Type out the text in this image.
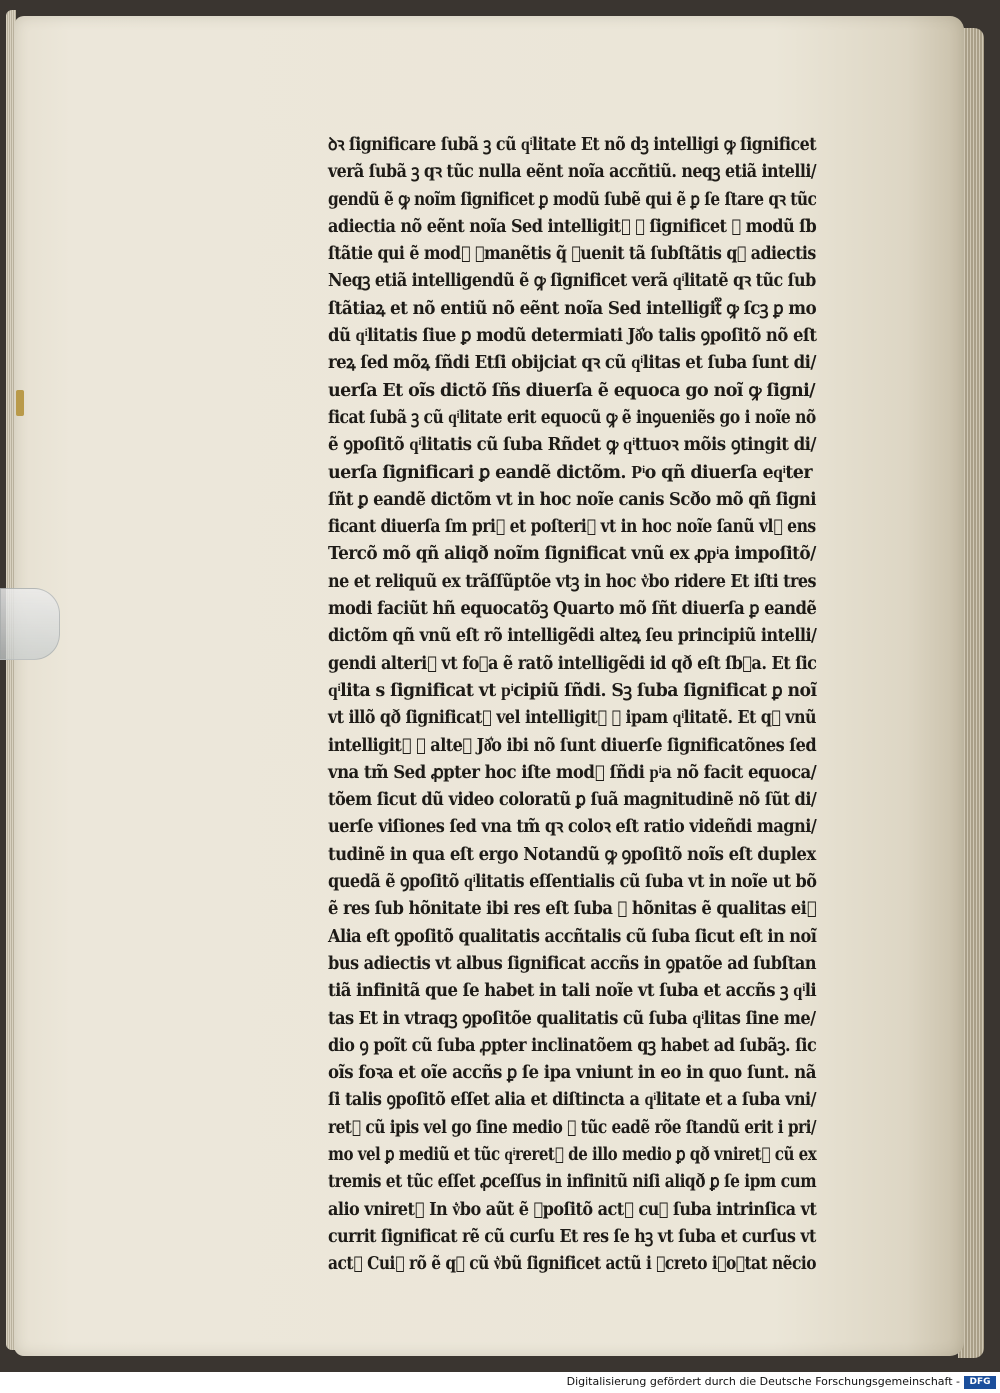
ꝺꝛ ſignificare ſubã ꝫ cũ qͥlitate Et nõ dꝫ intelligi ꝙ ſignificet
verã ſubã ꝫ qꝛ tũc nulla eẽnt noĩa accñtiũ. neqꝫ etiã intelli/
gendũ ẽ ꝙ noĩm ſignificet ꝑ modũ ſubẽ qui ẽ ꝑ ſe ſtare qꝛ tũc
adiectia nõ eẽnt noĩa Sed intelligit᷑ ꝙ ſignificet ꝑ modũ ſb
ſtãtie qui ẽ mod᷒ ꝑmanẽtis q̃ ꝯuenit tã ſubſtãtis qꝫ adiectis
Neqꝫ etiã intelligendũ ẽ ꝙ ſignificet verã qͥlitatẽ qꝛ tũc ſub
ſtãtiaꝝ et nõ entiũ nõ eẽnt noĩa Sed intelligit᷑ ꝙ ſcꝫ ꝑ mo
dũ qͥlitatis ſiue ꝑ modũ determiati Jð͛o talis ꝯpoſitõ nõ eſt
reꝝ ſed mõꝝ ſñdi Etſi obijciat qꝛ cũ qͥlitas et ſuba ſunt di/
uerſa Et oĩs dictõ ſñs diuerſa ẽ equoca go noĩ ꝙ ſigni/
ficat ſubã ꝫ cũ qͥlitate erit equocũ ꝙ ẽ inꝯueniẽs go i noĩe nõ
ẽ ꝯpoſitõ qͥlitatis cũ ſuba Rñdet ꝙ qͥttuoꝛ mõis ꝯtingit di/
uerſa ſignificari ꝑ eandẽ dictõm. Pͥo qñ diuerſa eqͥter
ſñt ꝑ eandẽ dictõm vt in hoc noĩe canis Scðo mõ qñ ſigni
ficant diuerſa ſm pri᷒ et poſteri᷒ vt in hoc noĩe ſanũ vl᷑ ens
Tercõ mõ qñ aliqð noĩm ſignificat vnũ ex ꝓpͥa impoſitõ/
ne et reliquũ ex trãſſũptõe vtꝫ in hoc v͛bo ridere Et iſti tres
modi faciũt hñ equocatõꝫ Quarto mõ ſñt diuerſa ꝑ eandẽ
dictõm qñ vnũ eſt rõ intelligẽdi alteꝝ ſeu principiũ intelli/
gendi alteri᷒ vt foꝛa ẽ ratõ intelligẽdi id qð eſt ſbꝛa. Et ſic
qͥlita s ſignificat vt pͥcipiũ ſñdi. Sꝫ ſuba ſignificat ꝑ noĩ
vt illõ qð ſignificat᷑ vel intelligit᷑ ꝑ ipam qͥlitatẽ. Et qꝛ vnũ
intelligit᷑ ꝑ alteꝝ Jð͛o ibi nõ ſunt diuerſe ſignificatõnes ſed
vna tm̃ Sed ꝓpter hoc iſte mod᷒ ſñdi pͥa nõ facit equoca/
tõem ſicut dũ video coloratũ ꝑ ſuã magnitudinẽ nõ ſũt di/
uerſe viſiones ſed vna tm̃ qꝛ coloꝛ eſt ratio videñdi magni/
tudinẽ in qua eſt ergo Notandũ ꝙ ꝯpoſitõ noĩs eſt duplex
quedã ẽ ꝯpoſitõ qͥlitatis eſſentialis cũ ſuba vt in noĩe ut bõ
ẽ res ſub hõnitate ibi res eſt ſuba ⁊ hõnitas ẽ qualitas ei᷒
Alia eſt ꝯpoſitõ qualitatis accñtalis cũ ſuba ſicut eſt in noĩ
bus adiectis vt albus ſignificat accñs in ꝯpatõe ad ſubſtan
tiã infinitã que ſe habet in tali noĩe vt ſuba et accñs ꝫ qͥli
tas Et in vtraqꝫ ꝯpoſitõe qualitatis cũ ſuba qͥlitas ſine me/
dio ꝯ poĩt cũ ſuba ꝓpter inclinatõem qꝫ habet ad ſubãꝫ. ſic
oĩs foꝛa et oĩe accñs ꝑ ſe ipa vniunt in eo in quo ſunt. nã
ſi talis ꝯpoſitõ eſſet alia et diſtincta a qͥlitate et a ſuba vni/
ret᷑ cũ ipis vel go ſine medio ⁊ tũc eadẽ rõe ſtandũ erit i pri/
mo vel ꝑ mediũ et tũc qͥreret᷑ de illo medio ꝑ qð vniret᷑ cũ ex
tremis et tũc eſſet ꝓceſſus in infinitũ niſi aliqð ꝑ ſe ipm cum
alio vniret᷑ In v͛bo aũt ẽ ꝯpoſitõ act᷒ cuꝫ ſuba intrinſica vt
currit ſignificat rẽ cũ curſu Et res ſe hꝫ vt ſuba et curſus vt
act᷒ Cui᷒ rõ ẽ qꝛ cũ v͛bũ ſignificet actũ i ꝯcreto iꝑoꝛtat nẽcio
Digitalisierung gefördert durch die Deutsche Forschungsgemeinschaft -	DFG
